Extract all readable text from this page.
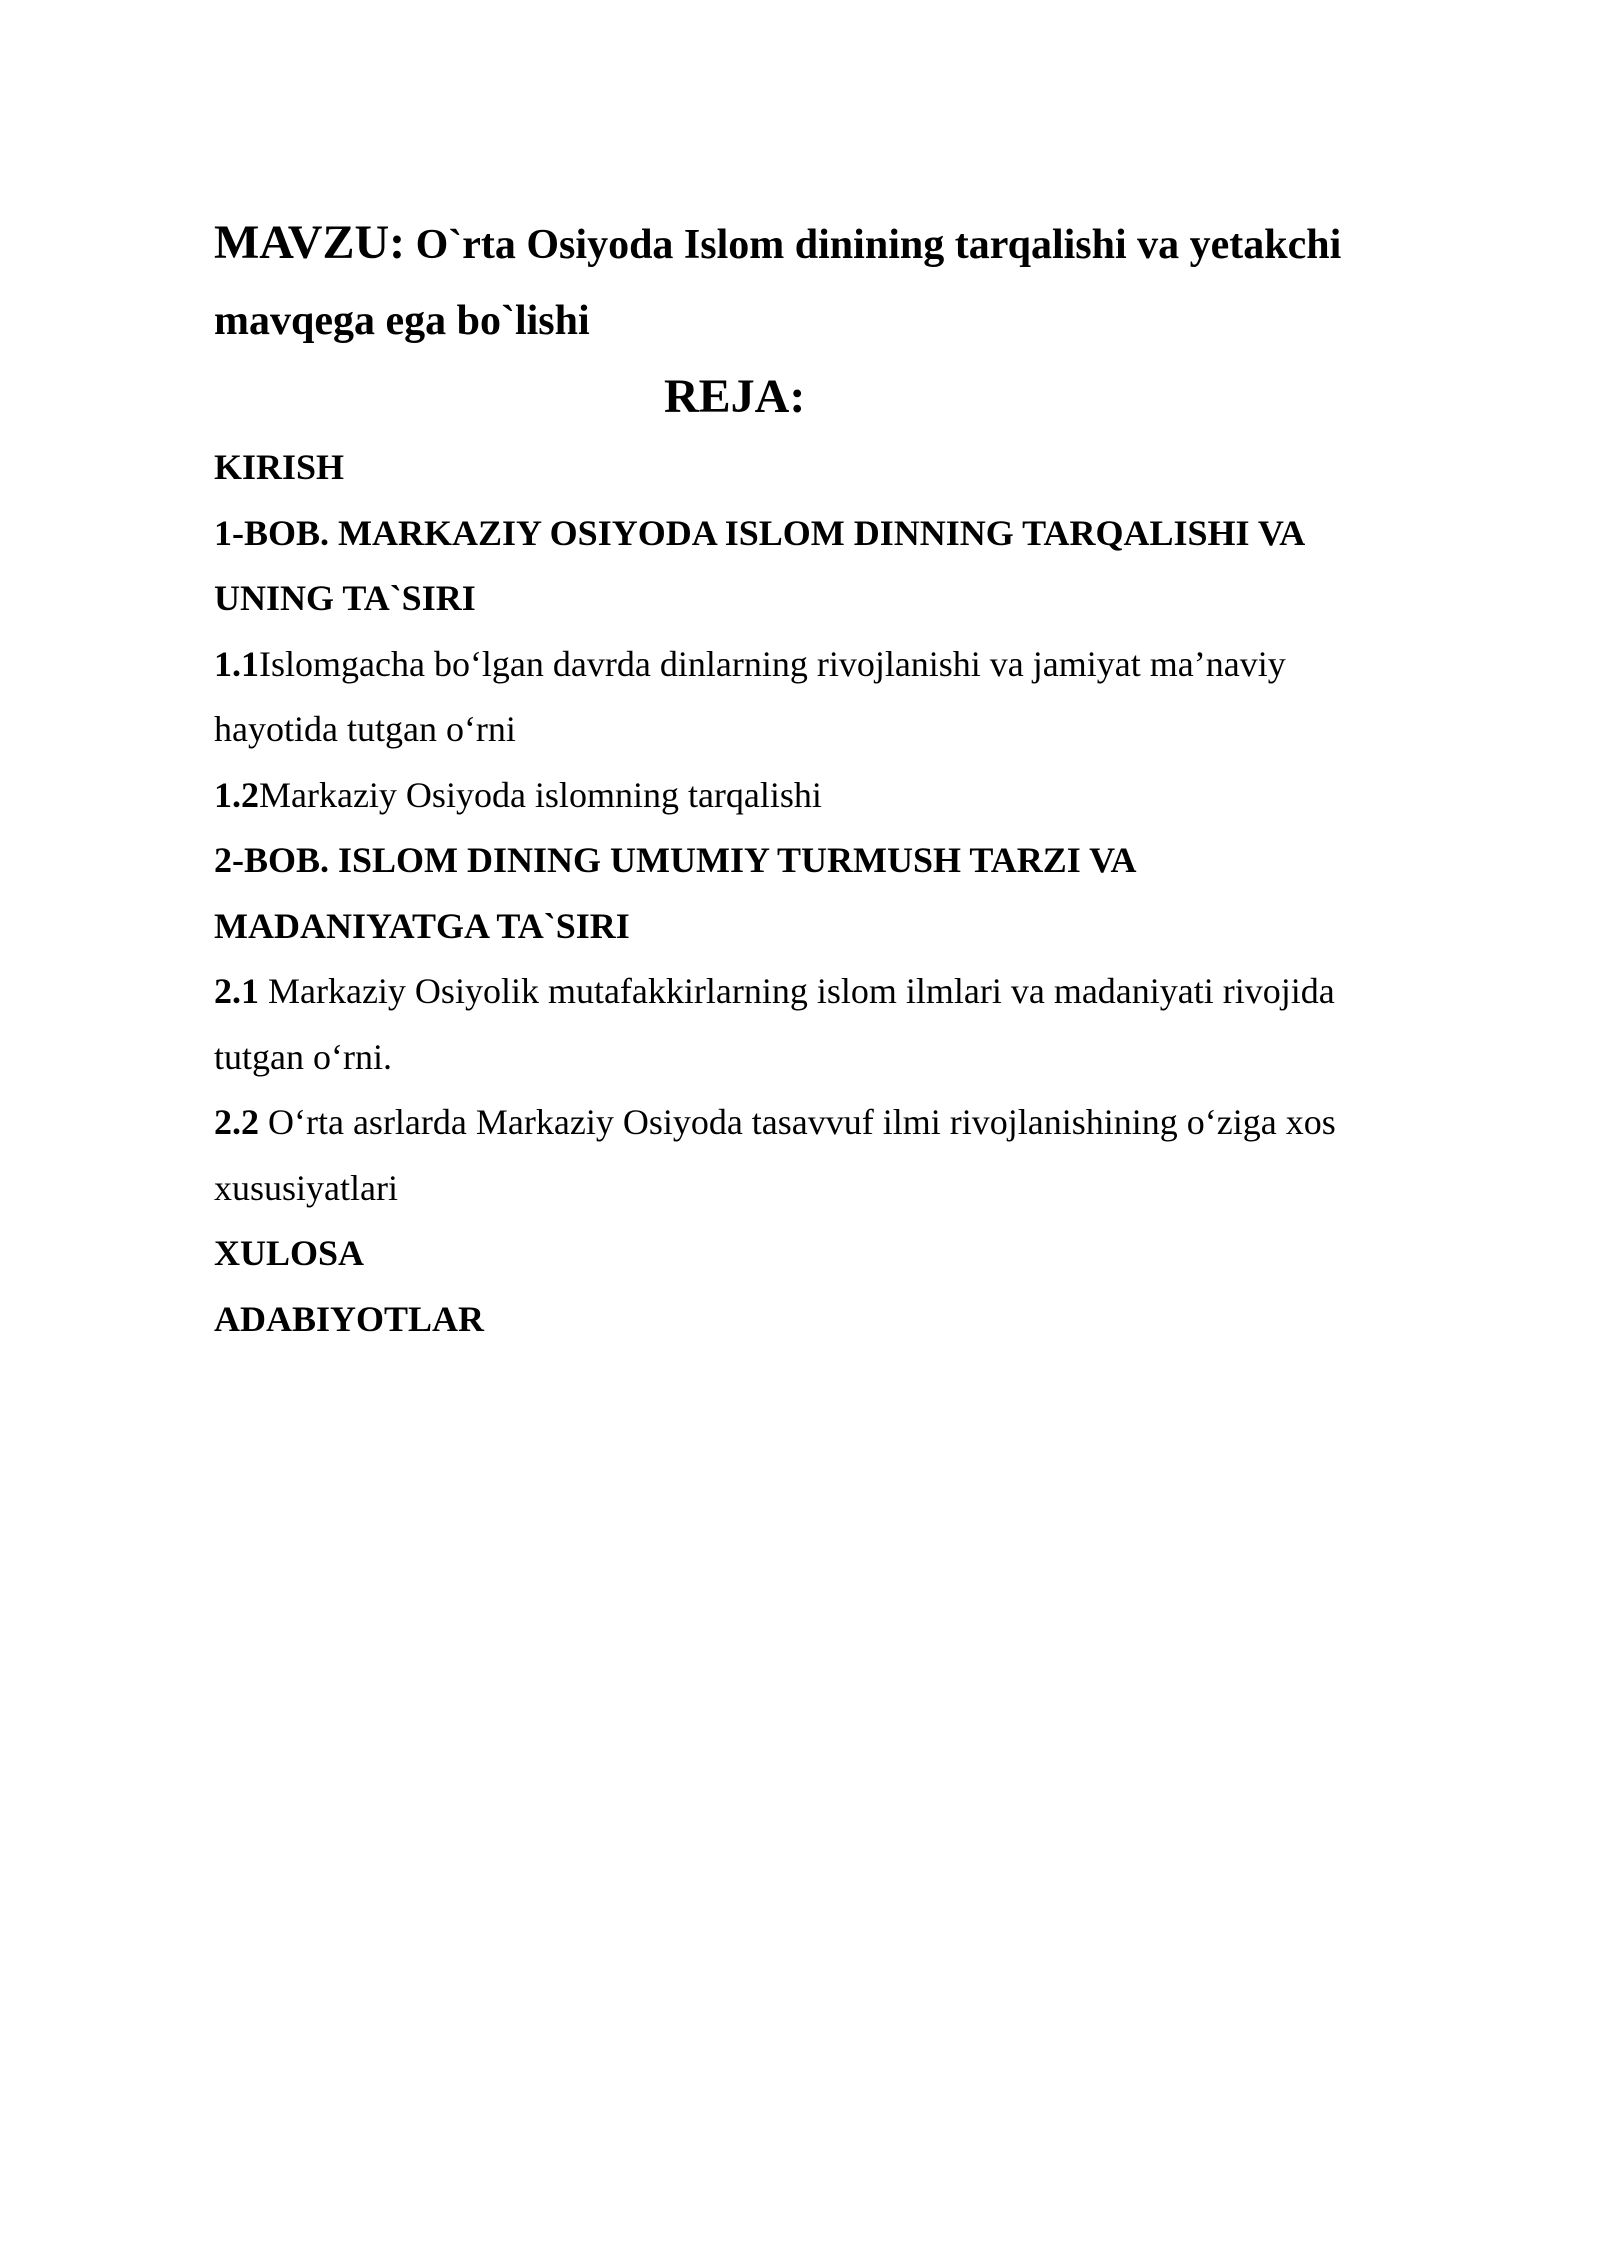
MAVZU: O`rta Osiyoda Islom dinining tarqalishi va yetakchi mavqega ega bo`lishi
REJA:
KIRISH
1-BOB. MARKAZIY OSIYODA ISLOM DINNING TARQALISHI VA UNING TA`SIRI
1.1Islomgacha bo‘lgan davrda dinlarning rivojlanishi va jamiyat ma’naviy hayotida tutgan o‘rni
1.2Markaziy Osiyoda islomning tarqalishi
2-BOB. ISLOM DINING UMUMIY TURMUSH TARZI VA MADANIYATGA TA`SIRI
2.1 Markaziy Osiyolik mutafakkirlarning islom ilmlari va madaniyati rivojida tutgan o‘rni.
2.2 O‘rta asrlarda Markaziy Osiyoda tasavvuf ilmi rivojlanishining o‘ziga xos xususiyatlari
XULOSA
ADABIYOTLAR
